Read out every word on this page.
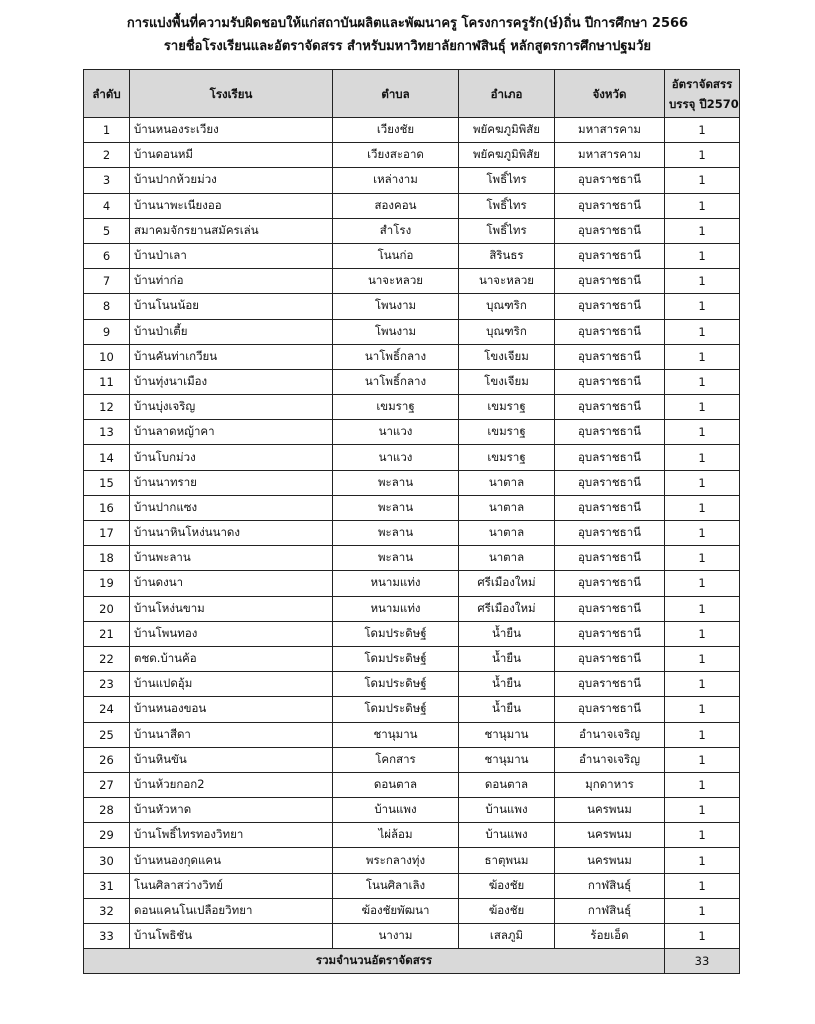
การแบ่งพื้นที่ความรับผิดชอบให้แก่สถาบันผลิตและพัฒนาครู โครงการครูรัก(ษ์)ถิ่น ปีการศึกษา 2566
รายชื่อโรงเรียนและอัตราจัดสรร สำหรับมหาวิทยาลัยกาฬสินธุ์ หลักสูตรการศึกษาปฐมวัย
ลำดับ	โรงเรียน	ตำบล	อำเภอ	จังหวัด	อัตราจัดสรร
บรรจุ ปี2570

1	บ้านหนองระเวียง	เวียงชัย	พยัคฆภูมิพิสัย	มหาสารคาม	1
2	บ้านดอนหมี	เวียงสะอาด	พยัคฆภูมิพิสัย	มหาสารคาม	1
3	บ้านปากห้วยม่วง	เหล่างาม	โพธิ์ไทร	อุบลราชธานี	1
4	บ้านนาพะเนียงออ	สองคอน	โพธิ์ไทร	อุบลราชธานี	1
5	สมาคมจักรยานสมัครเล่น	สำโรง	โพธิ์ไทร	อุบลราชธานี	1
6	บ้านป่าเลา	โนนก่อ	สิรินธร	อุบลราชธานี	1
7	บ้านท่าก่อ	นาจะหลวย	นาจะหลวย	อุบลราชธานี	1
8	บ้านโนนน้อย	โพนงาม	บุณฑริก	อุบลราชธานี	1
9	บ้านป่าเตี้ย	โพนงาม	บุณฑริก	อุบลราชธานี	1
10	บ้านคันท่าเกวียน	นาโพธิ์กลาง	โขงเจียม	อุบลราชธานี	1
11	บ้านทุ่งนาเมือง	นาโพธิ์กลาง	โขงเจียม	อุบลราชธานี	1
12	บ้านบุ่งเจริญ	เขมราฐ	เขมราฐ	อุบลราชธานี	1
13	บ้านลาดหญ้าคา	นาแวง	เขมราฐ	อุบลราชธานี	1
14	บ้านโบกม่วง	นาแวง	เขมราฐ	อุบลราชธานี	1
15	บ้านนาทราย	พะลาน	นาตาล	อุบลราชธานี	1
16	บ้านปากแซง	พะลาน	นาตาล	อุบลราชธานี	1
17	บ้านนาหินโหง่นนาดง	พะลาน	นาตาล	อุบลราชธานี	1
18	บ้านพะลาน	พะลาน	นาตาล	อุบลราชธานี	1
19	บ้านดงนา	หนามแท่ง	ศรีเมืองใหม่	อุบลราชธานี	1
20	บ้านโหง่นขาม	หนามแท่ง	ศรีเมืองใหม่	อุบลราชธานี	1
21	บ้านโพนทอง	โดมประดิษฐ์	น้ำยืน	อุบลราชธานี	1
22	ตชด.บ้านค้อ	โดมประดิษฐ์	น้ำยืน	อุบลราชธานี	1
23	บ้านแปดอุ้ม	โดมประดิษฐ์	น้ำยืน	อุบลราชธานี	1
24	บ้านหนองขอน	โดมประดิษฐ์	น้ำยืน	อุบลราชธานี	1
25	บ้านนาสีดา	ชานุมาน	ชานุมาน	อำนาจเจริญ	1
26	บ้านหินขัน	โคกสาร	ชานุมาน	อำนาจเจริญ	1
27	บ้านห้วยกอก2	ดอนตาล	ดอนตาล	มุกดาหาร	1
28	บ้านหัวหาด	บ้านแพง	บ้านแพง	นครพนม	1
29	บ้านโพธิ์ไทรทองวิทยา	ไผ่ล้อม	บ้านแพง	นครพนม	1
30	บ้านหนองกุดแคน	พระกลางทุ่ง	ธาตุพนม	นครพนม	1
31	โนนศิลาสว่างวิทย์	โนนศิลาเลิง	ฆ้องชัย	กาฬสินธุ์	1
32	ดอนแคนโนเปลือยวิทยา	ฆ้องชัยพัฒนา	ฆ้องชัย	กาฬสินธุ์	1
33	บ้านโพธิชัน	นางาม	เสลภูมิ	ร้อยเอ็ด	1
รวมจำนวนอัตราจัดสรร					33
